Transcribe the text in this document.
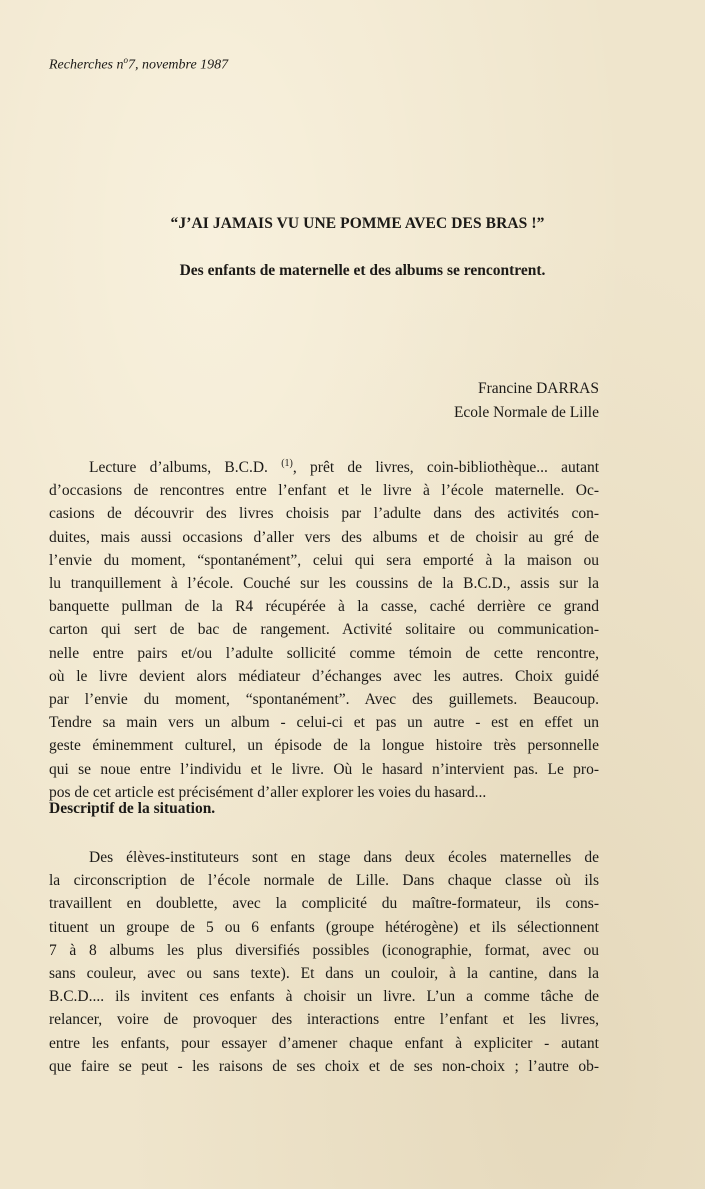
Recherches $n^o7$, novembre 1987
“J’AI JAMAIS VU UNE POMME AVEC DES BRAS !”
Des enfants de maternelle et des albums se rencontrent.
Francine DARRAS
Ecole Normale de Lille
Lecture d’albums, B.C.D. $^{(1)}$, prêt de livres, coin-bibliothèque... autant
d’occasions de rencontres entre l’enfant et le livre à l’école maternelle. Oc-
casions de découvrir des livres choisis par l’adulte dans des activités con-
duites, mais aussi occasions d’aller vers des albums et de choisir au gré de
l’envie du moment, “spontanément”, celui qui sera emporté à la maison ou
lu tranquillement à l’école. Couché sur les coussins de la B.C.D., assis sur la
banquette pullman de la R4 récupérée à la casse, caché derrière ce grand
carton qui sert de bac de rangement. Activité solitaire ou communication-
nelle entre pairs et/ou l’adulte sollicité comme témoin de cette rencontre,
où le livre devient alors médiateur d’échanges avec les autres. Choix guidé
par l’envie du moment, “spontanément”. Avec des guillemets. Beaucoup.
Tendre sa main vers un album - celui-ci et pas un autre - est en effet un
geste éminemment culturel, un épisode de la longue histoire très personnelle
qui se noue entre l’individu et le livre. Où le hasard n’intervient pas. Le pro-
pos de cet article est précisément d’aller explorer les voies du hasard...
Descriptif de la situation.
Des élèves-instituteurs sont en stage dans deux écoles maternelles de
la circonscription de l’école normale de Lille. Dans chaque classe où ils
travaillent en doublette, avec la complicité du maître-formateur, ils cons-
tituent un groupe de 5 ou 6 enfants (groupe hétérogène) et ils sélectionnent
7 à 8 albums les plus diversifiés possibles (iconographie, format, avec ou
sans couleur, avec ou sans texte). Et dans un couloir, à la cantine, dans la
B.C.D.... ils invitent ces enfants à choisir un livre. L’un a comme tâche de
relancer, voire de provoquer des interactions entre l’enfant et les livres,
entre les enfants, pour essayer d’amener chaque enfant à expliciter - autant
que faire se peut - les raisons de ses choix et de ses non-choix ; l’autre ob-
